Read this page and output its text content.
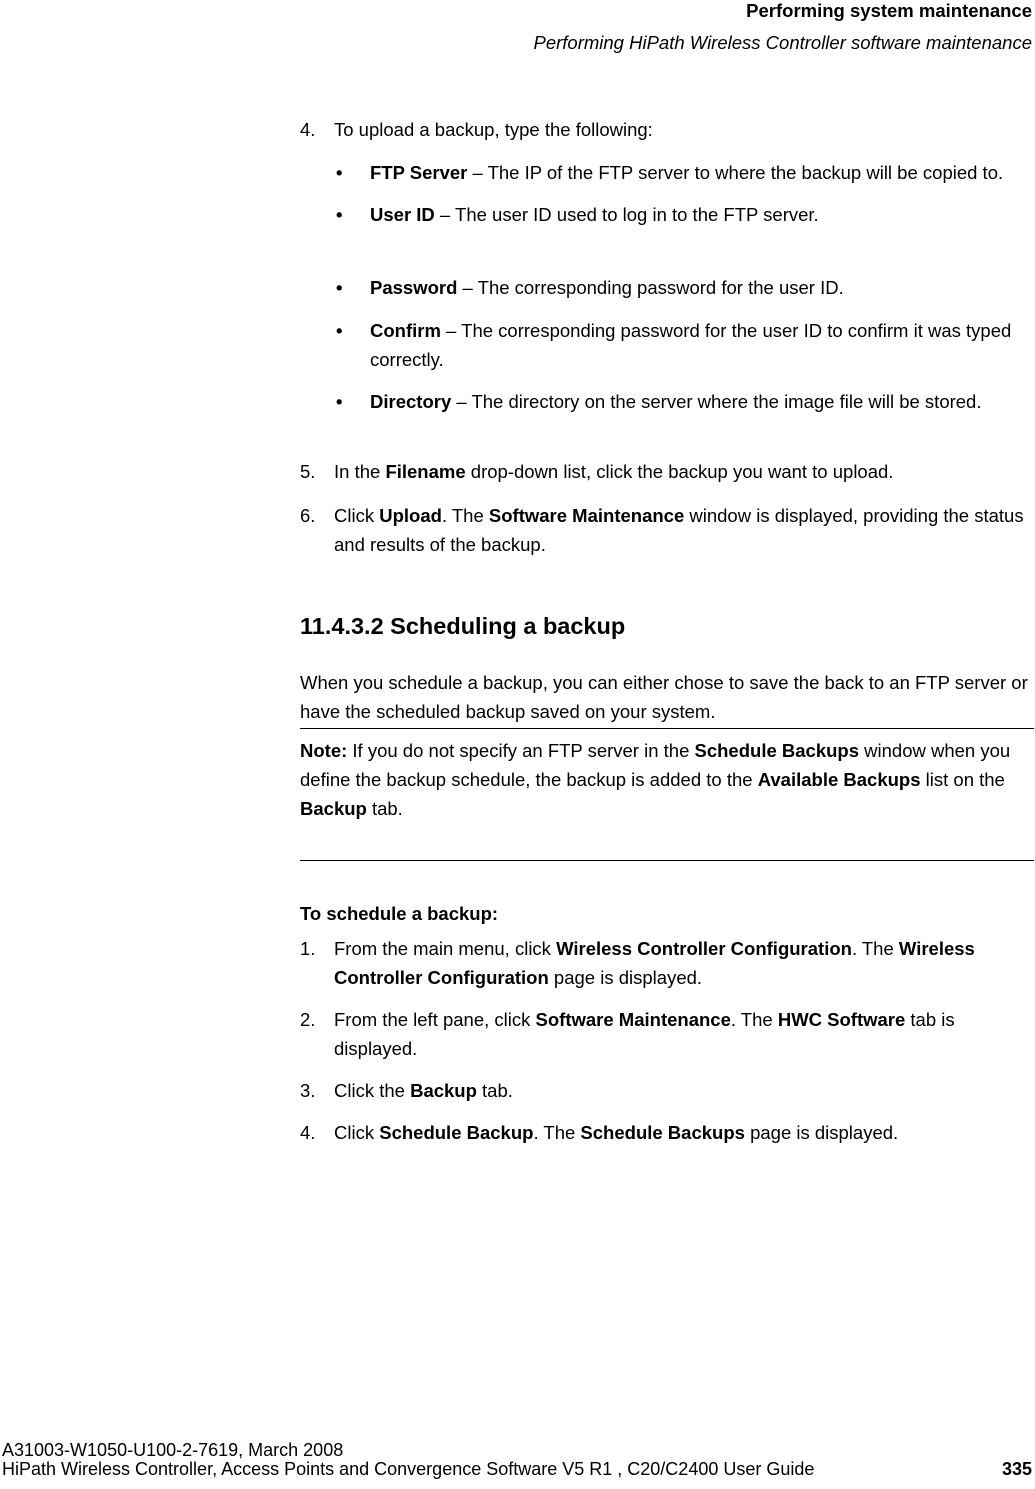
Performing system maintenance
Performing HiPath Wireless Controller software maintenance
4. To upload a backup, type the following:
• FTP Server – The IP of the FTP server to where the backup will be copied to.
• User ID – The user ID used to log in to the FTP server.
• Password – The corresponding password for the user ID.
• Confirm – The corresponding password for the user ID to confirm it was typed correctly.
• Directory – The directory on the server where the image file will be stored.
5. In the Filename drop-down list, click the backup you want to upload.
6. Click Upload. The Software Maintenance window is displayed, providing the status and results of the backup.
11.4.3.2 Scheduling a backup
When you schedule a backup, you can either chose to save the back to an FTP server or have the scheduled backup saved on your system.
Note: If you do not specify an FTP server in the Schedule Backups window when you define the backup schedule, the backup is added to the Available Backups list on the Backup tab.
To schedule a backup:
1. From the main menu, click Wireless Controller Configuration. The Wireless Controller Configuration page is displayed.
2. From the left pane, click Software Maintenance. The HWC Software tab is displayed.
3. Click the Backup tab.
4. Click Schedule Backup. The Schedule Backups page is displayed.
A31003-W1050-U100-2-7619, March 2008
HiPath Wireless Controller, Access Points and Convergence Software V5 R1 , C20/C2400 User Guide	335
